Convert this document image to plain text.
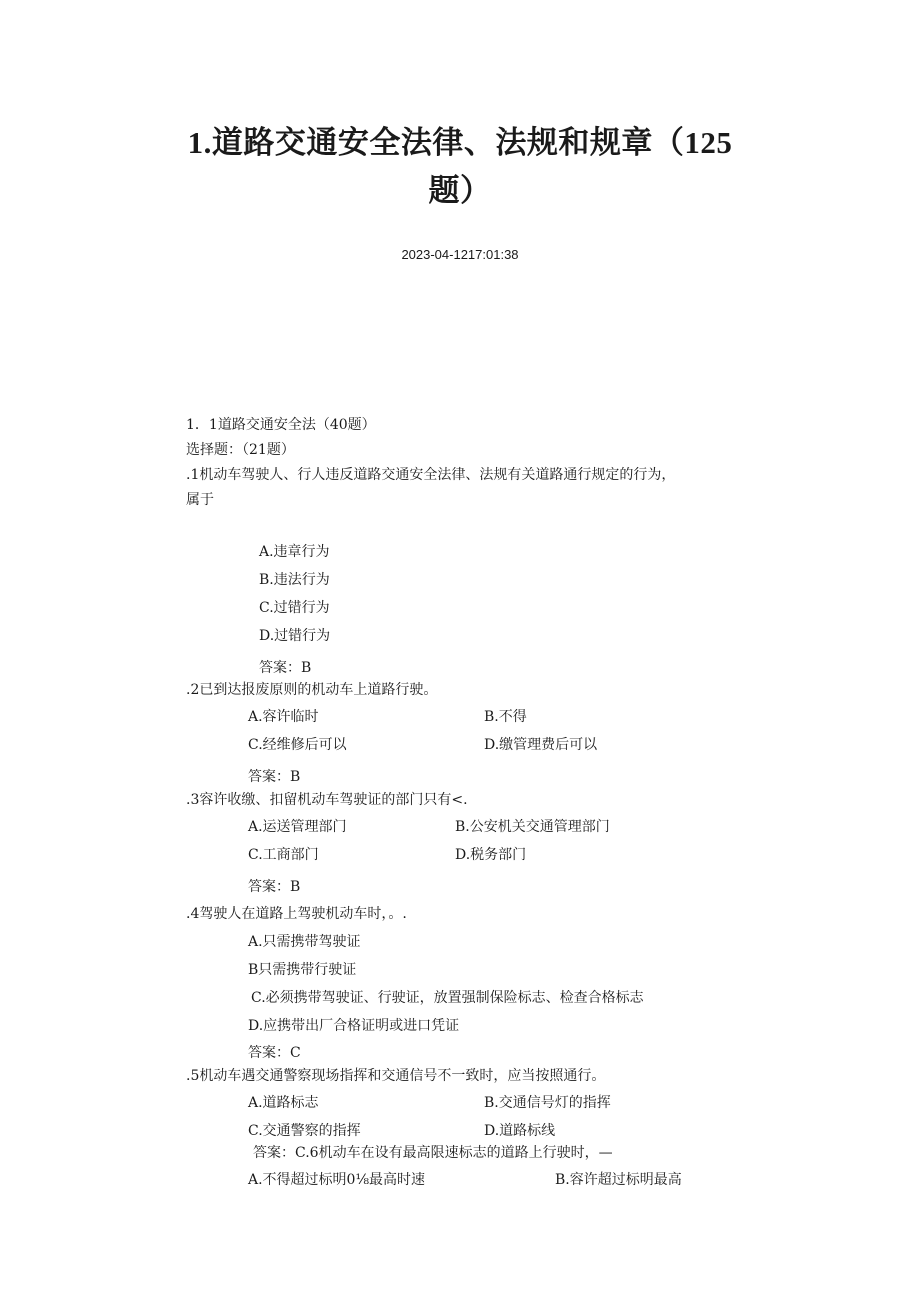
1.道路交通安全法律、法规和规章（125
题）
2023-04-1217:01:38
1．1道路交通安全法（40题）
选择题：（21题）
.1机动车驾驶人、行人违反道路交通安全法律、法规有关道路通行规定的行为，
属于
A.违章行为
B.违法行为
C.过错行为
D.过错行为
答案：B
.2已到达报废原则的机动车上道路行驶。
A.容许临时	B.不得
C.经维修后可以	D.缴管理费后可以
答案：B
.3容许收缴、扣留机动车驾驶证的部门只有<.
A.运送管理部门	B.公安机关交通管理部门
C.工商部门	D.税务部门
答案：B
.4驾驶人在道路上驾驶机动车时，。.
A.只需携带驾驶证
B只需携带行驶证
C.必须携带驾驶证、行驶证，放置强制保险标志、检查合格标志
D.应携带出厂合格证明或进口凭证
答案：C
.5机动车遇交通警察现场指挥和交通信号不一致时，应当按照通行。
A.道路标志	B.交通信号灯的指挥
C.交通警察的指挥	D.道路标线
答案：C.6机动车在设有最高限速标志的道路上行驶时，—
A.不得超过标明0⅛最高时速	B.容许超过标明最高
